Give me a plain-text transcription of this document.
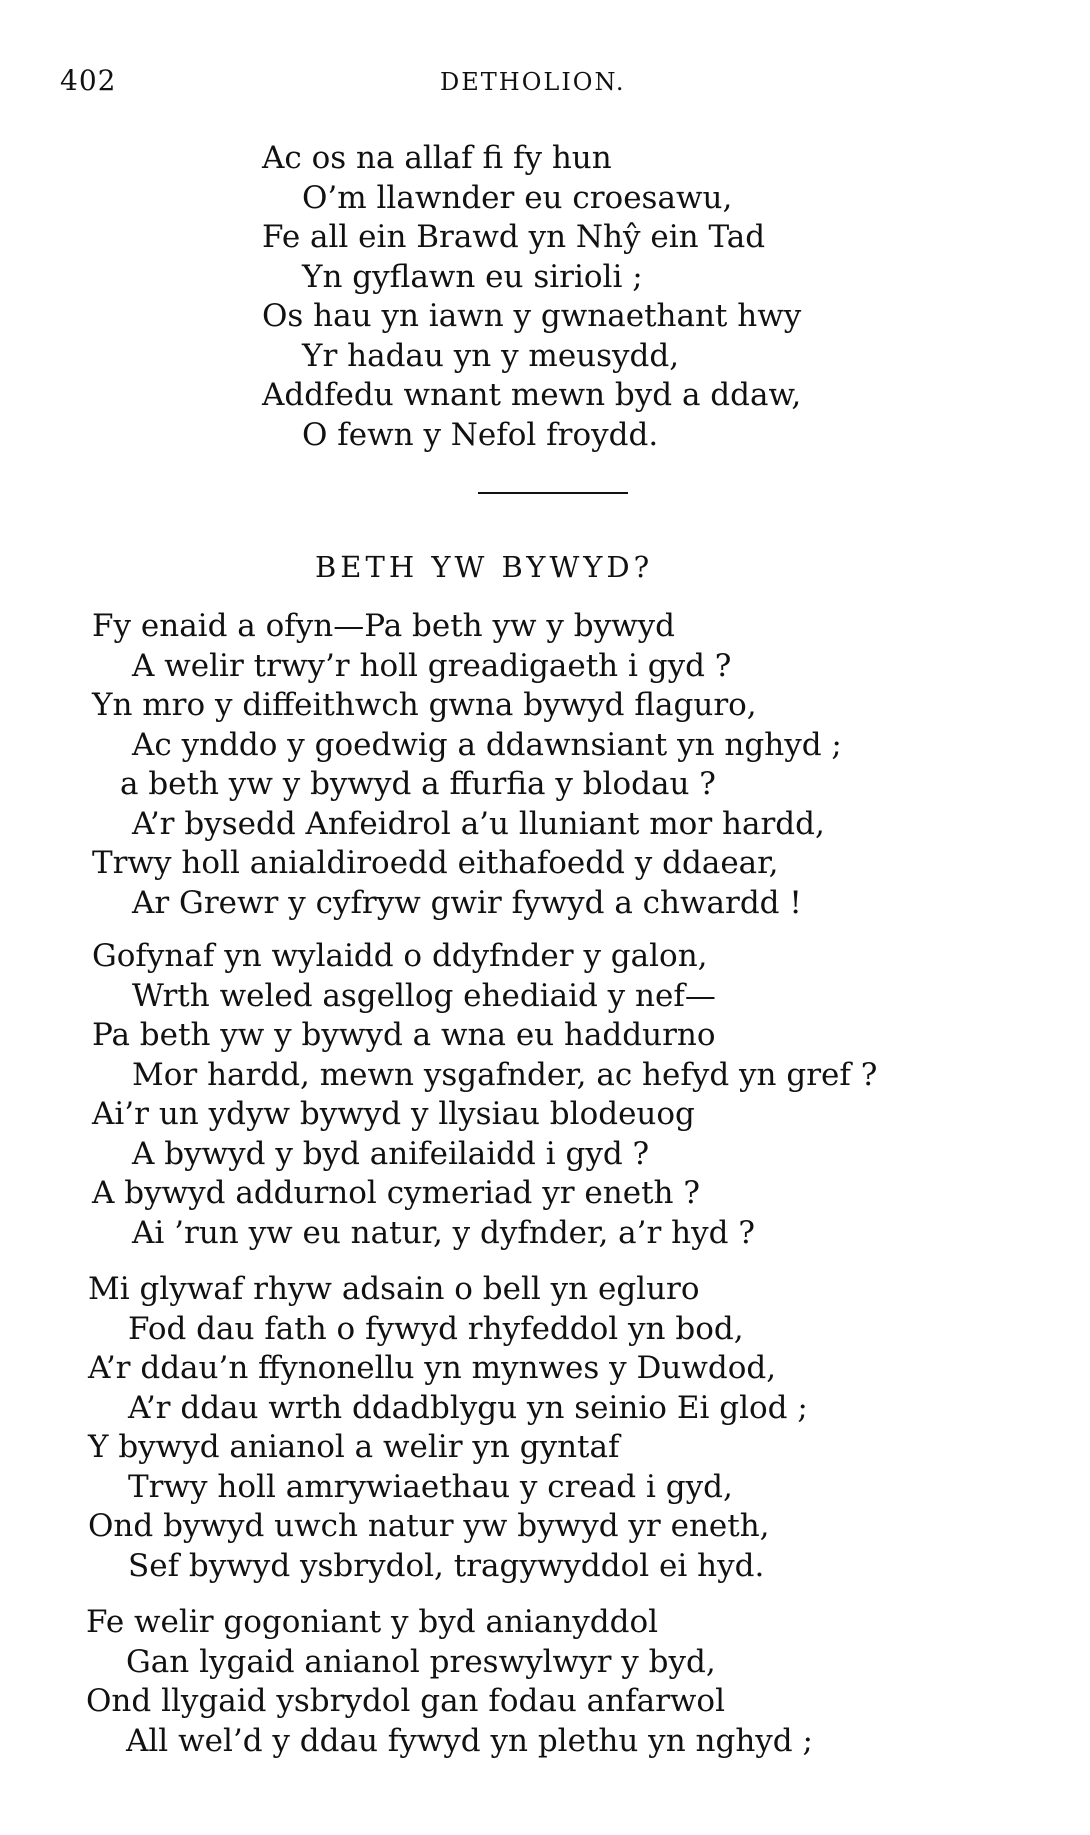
402	DETHOLION.
Ac os na allaf fi fy hun
O’m llawnder eu croesawu,
Fe all ein Brawd yn Nhŷ ein Tad
Yn gyflawn eu sirioli ;
Os hau yn iawn y gwnaethant hwy
Yr hadau yn y meusydd,
Addfedu wnant mewn byd a ddaw,
O fewn y Nefol froydd.
BETH YW BYWYD?
Fy enaid a ofyn—Pa beth yw y bywyd
A welir trwy’r holl greadigaeth i gyd ?
Yn mro y diffeithwch gwna bywyd flaguro,
Ac ynddo y goedwig a ddawnsiant yn nghyd ;
a beth yw y bywyd a ffurfia y blodau ?
A’r bysedd Anfeidrol a’u lluniant mor hardd,
Trwy holl anialdiroedd eithafoedd y ddaear,
Ar Grewr y cyfryw gwir fywyd a chwardd !
Gofynaf yn wylaidd o ddyfnder y galon,
Wrth weled asgellog ehediaid y nef—
Pa beth yw y bywyd a wna eu haddurno
Mor hardd, mewn ysgafnder, ac hefyd yn gref ?
Ai’r un ydyw bywyd y llysiau blodeuog
A bywyd y byd anifeilaidd i gyd ?
A bywyd addurnol cymeriad yr eneth ?
Ai ’run yw eu natur, y dyfnder, a’r hyd ?
Mi glywaf rhyw adsain o bell yn egluro
Fod dau fath o fywyd rhyfeddol yn bod,
A’r ddau’n ffynonellu yn mynwes y Duwdod,
A’r ddau wrth ddadblygu yn seinio Ei glod ;
Y bywyd anianol a welir yn gyntaf
Trwy holl amrywiaethau y cread i gyd,
Ond bywyd uwch natur yw bywyd yr eneth,
Sef bywyd ysbrydol, tragywyddol ei hyd.
Fe welir gogoniant y byd anianyddol
Gan lygaid anianol preswylwyr y byd,
Ond llygaid ysbrydol gan fodau anfarwol
All wel’d y ddau fywyd yn plethu yn nghyd ;
